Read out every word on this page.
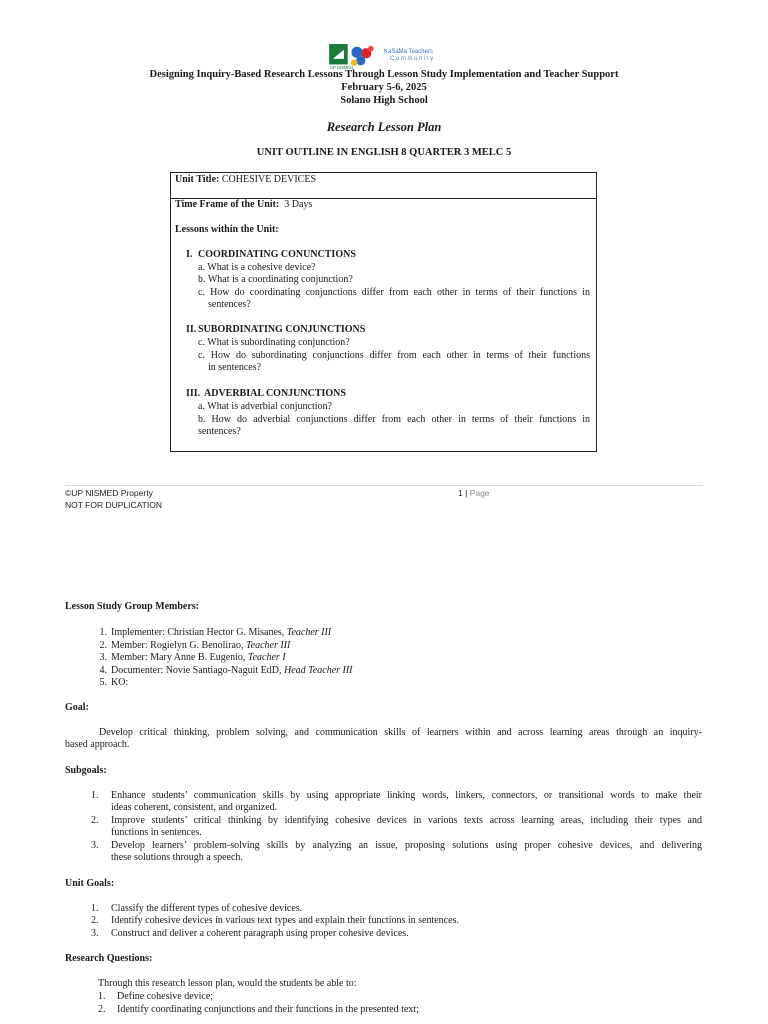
UP NISMED
KaSaMa Teachers
Community
Designing Inquiry-Based Research Lessons Through Lesson Study Implementation and Teacher Support
February 5-6, 2025
Solano High School
Research Lesson Plan
UNIT OUTLINE IN ENGLISH 8 QUARTER 3 MELC 5
Unit Title: COHESIVE DEVICES
Time Frame of the Unit: 3 Days
Lessons within the Unit:
I. COORDINATING CONUNCTIONS
a. What is a cohesive device?
b. What is a coordinating conjunction?
c. How do coordinating conjunctions differ from each other in terms of their functions in
sentences?
II. SUBORDINATING CONJUNCTIONS
c. What is subordinating conjunction?
c. How do subordinating conjunctions differ from each other in terms of their functions
in sentences?
III. ADVERBIAL CONJUNCTIONS
a. What is adverbial conjunction?
b. How do adverbial conjunctions differ from each other in terms of their functions in
sentences?
©UP NISMED Property
NOT FOR DUPLICATION
1 | Page
Lesson Study Group Members:
1. Implementer: Christian Hector G. Misanes, Teacher III
2. Member: Rogielyn G. Benolirao, Teacher III
3. Member: Mary Anne B. Eugenio, Teacher I
4. Documenter: Novie Santiago-Naguit EdD, Head Teacher III
5. KO:
Goal:
Develop critical thinking, problem solving, and communication skills of learners within and across learning areas through an inquiry-
based approach.
Subgoals:
1. Enhance students’ communication skills by using appropriate linking words, linkers, connectors, or transitional words to make their
ideas coherent, consistent, and organized.
2. Improve students’ critical thinking by identifying cohesive devices in various texts across learning areas, including their types and
functions in sentences.
3. Develop learners’ problem-solving skills by analyzing an issue, proposing solutions using proper cohesive devices, and delivering
these solutions through a speech.
Unit Goals:
1. Classify the different types of cohesive devices.
2. Identify cohesive devices in various text types and explain their functions in sentences.
3. Construct and deliver a coherent paragraph using proper cohesive devices.
Research Questions:
Through this research lesson plan, would the students be able to:
1. Define cohesive device;
2. Identify coordinating conjunctions and their functions in the presented text;
